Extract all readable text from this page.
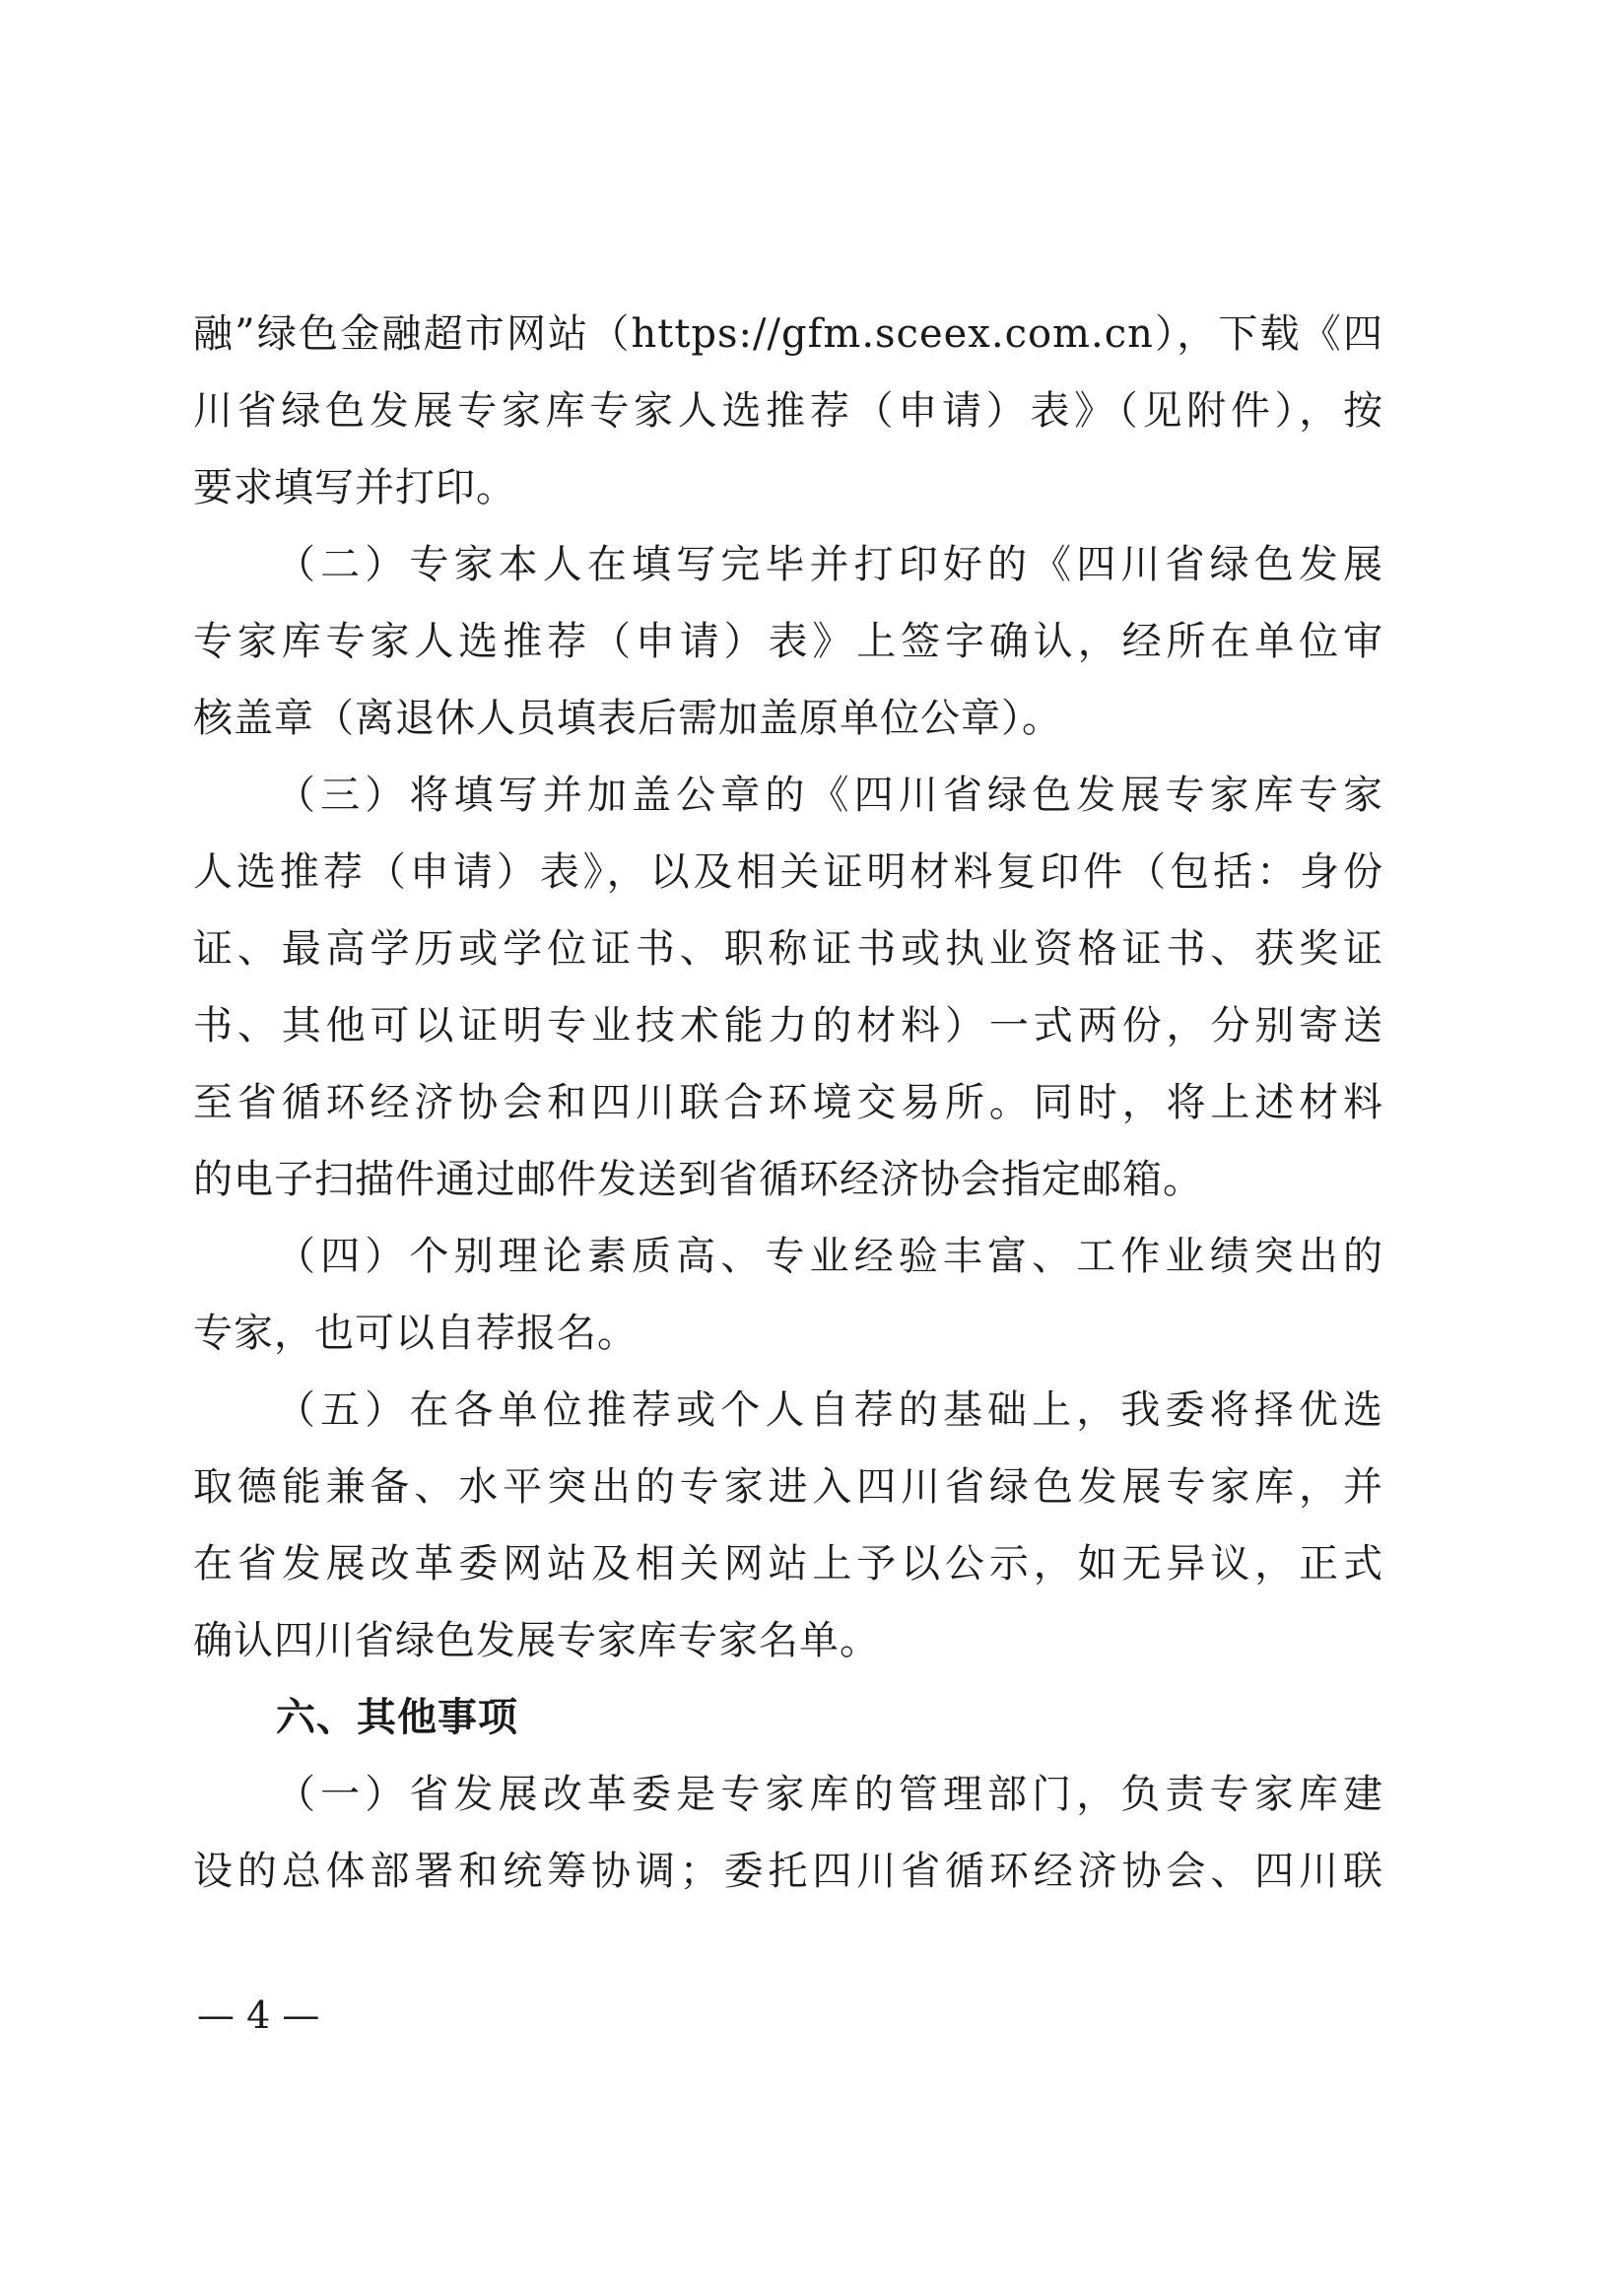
融”绿色金融超市网站（https://gfm.sceex.com.cn），下载《四
川省绿色发展专家库专家人选推荐（申请）表》（见附件），按
要求填写并打印。
（二）专家本人在填写完毕并打印好的《四川省绿色发展
专家库专家人选推荐（申请）表》上签字确认，经所在单位审
核盖章（离退休人员填表后需加盖原单位公章）。
（三）将填写并加盖公章的《四川省绿色发展专家库专家
人选推荐（申请）表》，以及相关证明材料复印件（包括：身份
证、最高学历或学位证书、职称证书或执业资格证书、获奖证
书、其他可以证明专业技术能力的材料）一式两份，分别寄送
至省循环经济协会和四川联合环境交易所。同时，将上述材料
的电子扫描件通过邮件发送到省循环经济协会指定邮箱。
（四）个别理论素质高、专业经验丰富、工作业绩突出的
专家，也可以自荐报名。
（五）在各单位推荐或个人自荐的基础上，我委将择优选
取德能兼备、水平突出的专家进入四川省绿色发展专家库，并
在省发展改革委网站及相关网站上予以公示，如无异议，正式
确认四川省绿色发展专家库专家名单。
六、其他事项
（一）省发展改革委是专家库的管理部门，负责专家库建
设的总体部署和统筹协调；委托四川省循环经济协会、四川联
— 4 —
